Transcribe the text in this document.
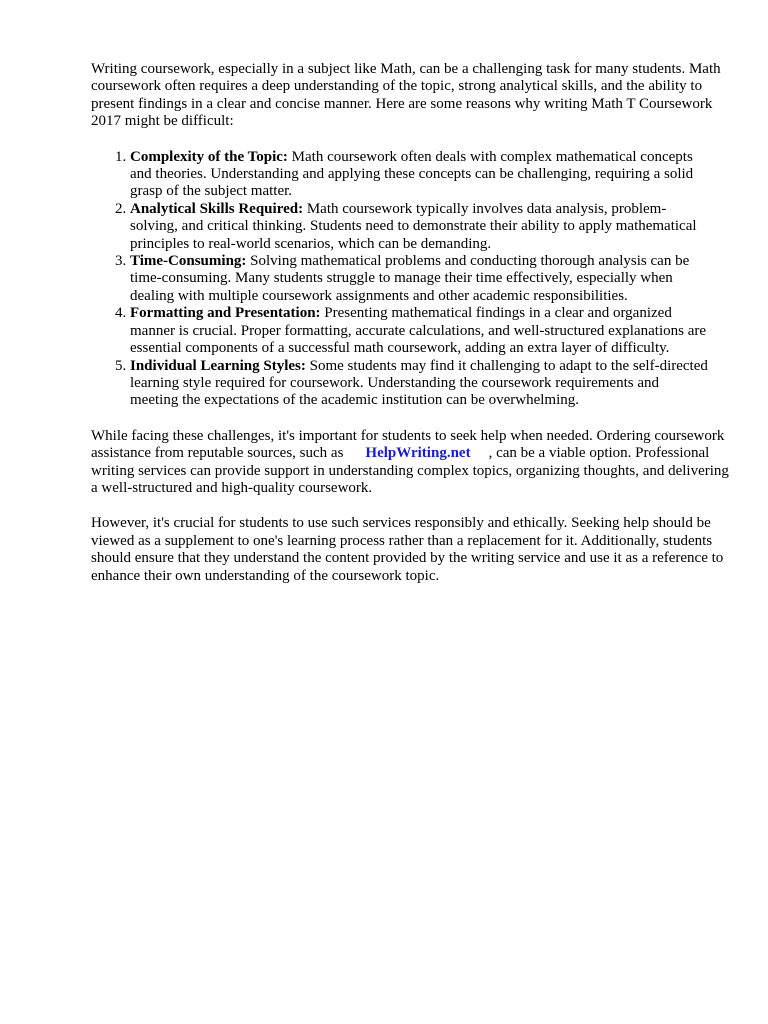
Writing coursework, especially in a subject like Math, can be a challenging task for many students. Math coursework often requires a deep understanding of the topic, strong analytical skills, and the ability to present findings in a clear and concise manner. Here are some reasons why writing Math T Coursework 2017 might be difficult:

1. Complexity of the Topic: Math coursework often deals with complex mathematical concepts and theories. Understanding and applying these concepts can be challenging, requiring a solid grasp of the subject matter.
2. Analytical Skills Required: Math coursework typically involves data analysis, problem-solving, and critical thinking. Students need to demonstrate their ability to apply mathematical principles to real-world scenarios, which can be demanding.
3. Time-Consuming: Solving mathematical problems and conducting thorough analysis can be time-consuming. Many students struggle to manage their time effectively, especially when dealing with multiple coursework assignments and other academic responsibilities.
4. Formatting and Presentation: Presenting mathematical findings in a clear and organized manner is crucial. Proper formatting, accurate calculations, and well-structured explanations are essential components of a successful math coursework, adding an extra layer of difficulty.
5. Individual Learning Styles: Some students may find it challenging to adapt to the self-directed learning style required for coursework. Understanding the coursework requirements and meeting the expectations of the academic institution can be overwhelming.

While facing these challenges, it's important for students to seek help when needed. Ordering coursework assistance from reputable sources, such as HelpWriting.net , can be a viable option. Professional writing services can provide support in understanding complex topics, organizing thoughts, and delivering a well-structured and high-quality coursework.

However, it's crucial for students to use such services responsibly and ethically. Seeking help should be viewed as a supplement to one's learning process rather than a replacement for it. Additionally, students should ensure that they understand the content provided by the writing service and use it as a reference to enhance their own understanding of the coursework topic.
